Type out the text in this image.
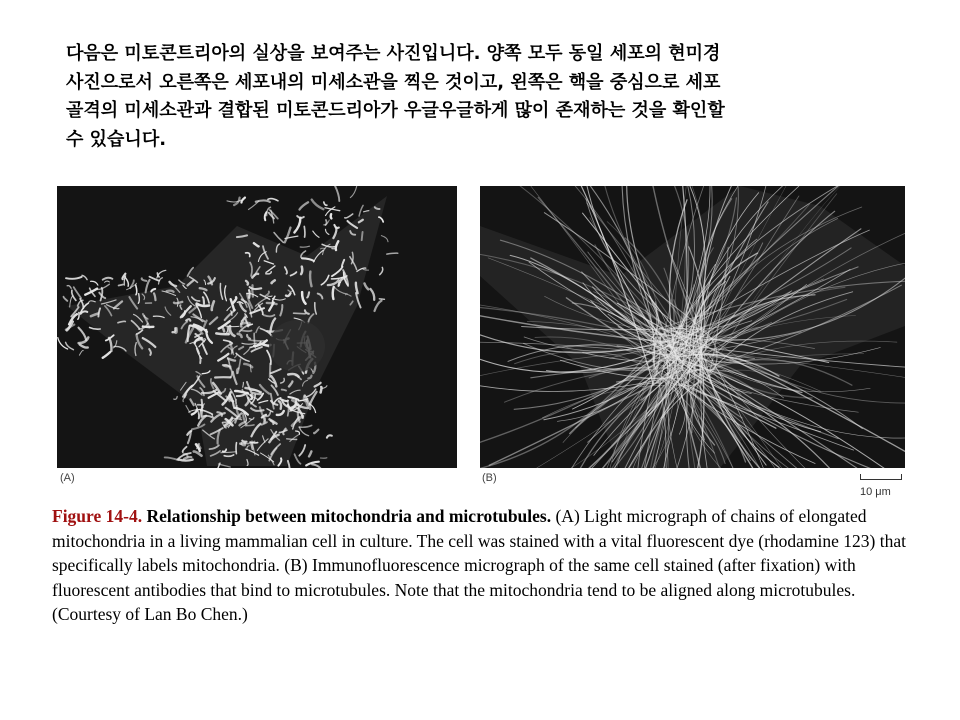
다음은 미토콘트리아의 실상을 보여주는 사진입니다. 양쪽 모두 동일 세포의 현미경
사진으로서 오른쪽은 세포내의 미세소관을 찍은 것이고, 왼쪽은 핵을 중심으로 세포
골격의 미세소관과 결합된 미토콘드리아가 우글우글하게 많이 존재하는 것을 확인할
수 있습니다.
(A)	(B)
10 μm
Figure 14-4. Relationship between mitochondria and microtubules. (A) Light micrograph of chains of elongated mitochondria in a living mammalian cell in culture. The cell was stained with a vital fluorescent dye (rhodamine 123) that specifically labels mitochondria. (B) Immunofluorescence micrograph of the same cell stained (after fixation) with fluorescent antibodies that bind to microtubules. Note that the mitochondria tend to be aligned along microtubules. (Courtesy of Lan Bo Chen.)
